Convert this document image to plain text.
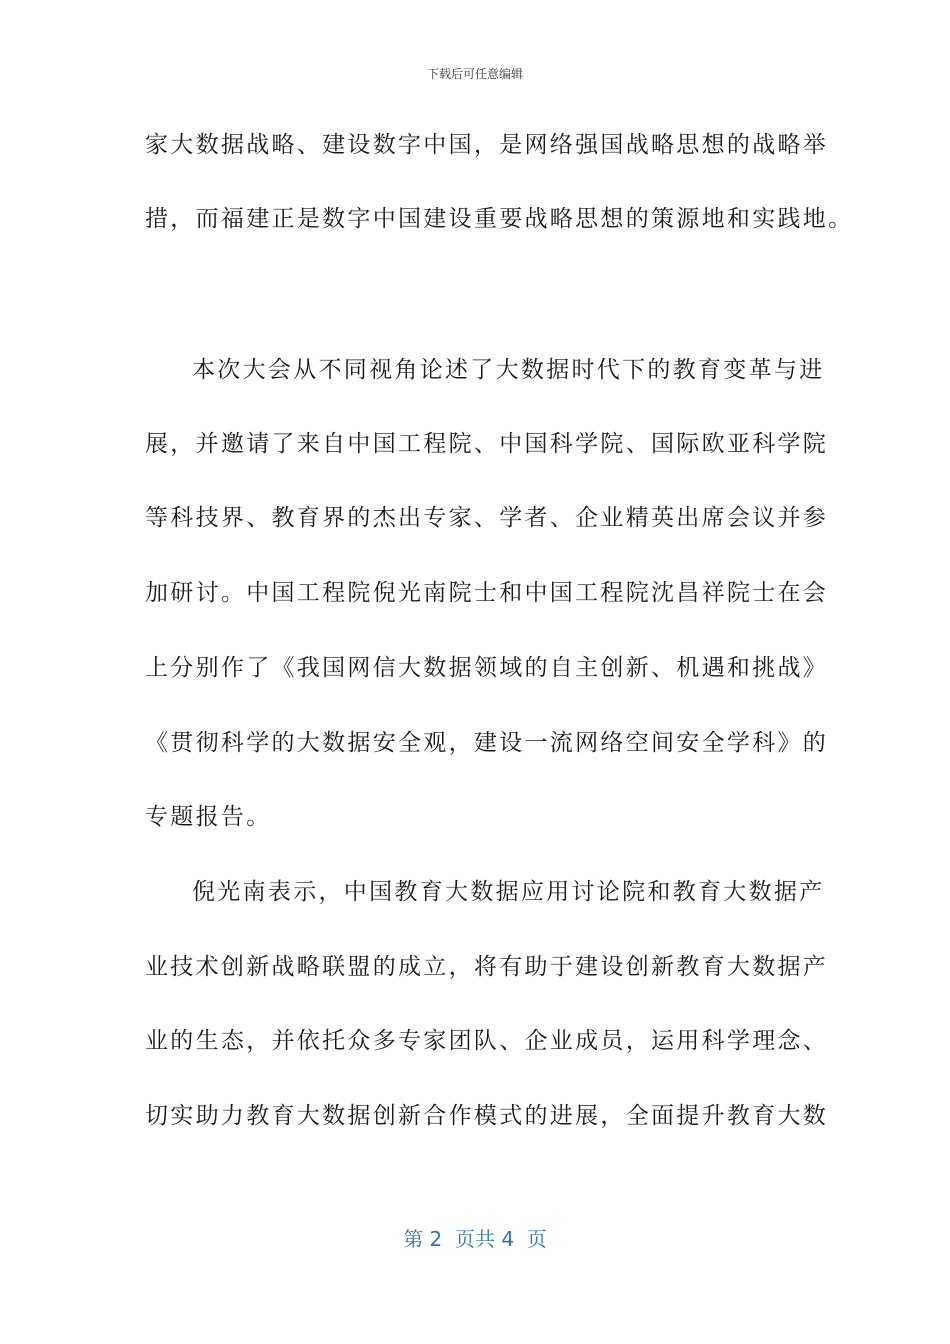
下载后可任意编辑
家大数据战略、建设数字中国，是网络强国战略思想的战略举
措，而福建正是数字中国建设重要战略思想的策源地和实践地。
本次大会从不同视角论述了大数据时代下的教育变革与进
展，并邀请了来自中国工程院、中国科学院、国际欧亚科学院
等科技界、教育界的杰出专家、学者、企业精英出席会议并参
加研讨。中国工程院倪光南院士和中国工程院沈昌祥院士在会
上分别作了《我国网信大数据领域的自主创新、机遇和挑战》
《贯彻科学的大数据安全观，建设一流网络空间安全学科》的
专题报告。
倪光南表示，中国教育大数据应用讨论院和教育大数据产
业技术创新战略联盟的成立，将有助于建设创新教育大数据产
业的生态，并依托众多专家团队、企业成员，运用科学理念、
切实助力教育大数据创新合作模式的进展，全面提升教育大数
第 2  页共 4  页
